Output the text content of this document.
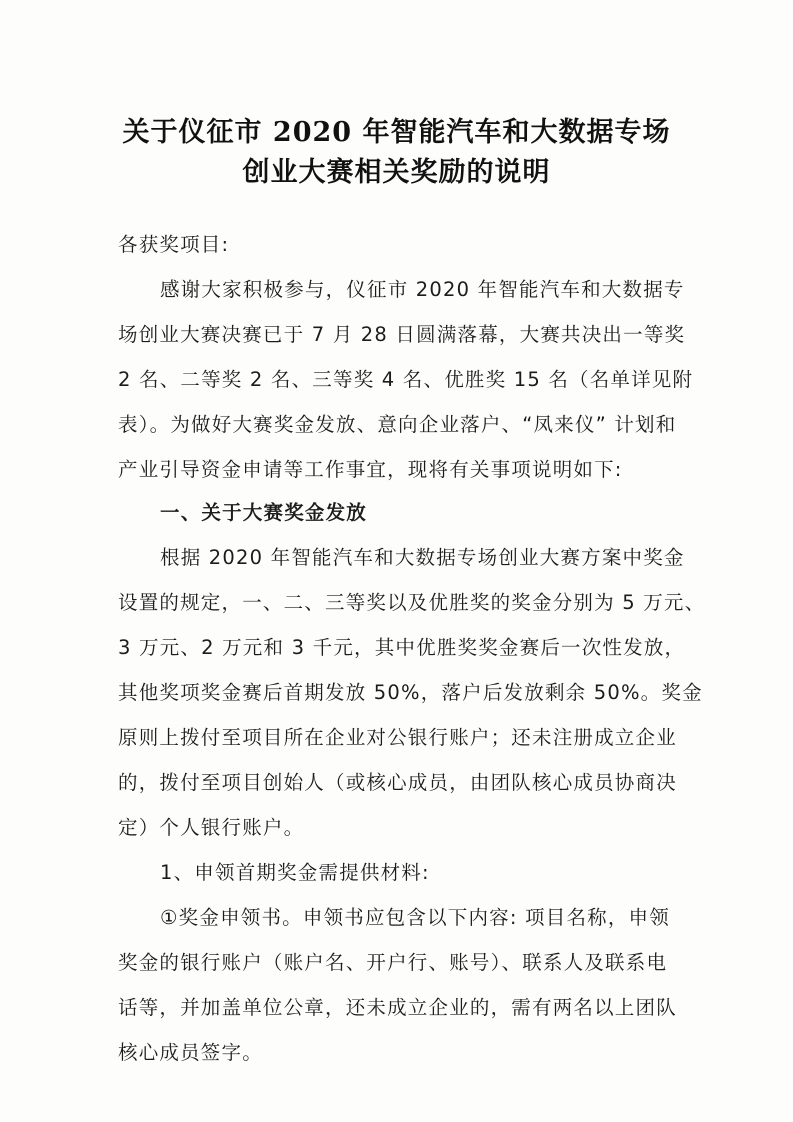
关于仪征市 2020 年智能汽车和大数据专场
创业大赛相关奖励的说明
各获奖项目:
感谢大家积极参与，仪征市 2020 年智能汽车和大数据专
场创业大赛决赛已于 7 月 28 日圆满落幕，大赛共决出一等奖
2 名、二等奖 2 名、三等奖 4 名、优胜奖 15 名（名单详见附
表）。为做好大赛奖金发放、意向企业落户、“凤来仪” 计划和
产业引导资金申请等工作事宜，现将有关事项说明如下:
一、关于大赛奖金发放
根据 2020 年智能汽车和大数据专场创业大赛方案中奖金
设置的规定，一、二、三等奖以及优胜奖的奖金分别为 5 万元、
3 万元、2 万元和 3 千元，其中优胜奖奖金赛后一次性发放，
其他奖项奖金赛后首期发放 50%，落户后发放剩余 50%。奖金
原则上拨付至项目所在企业对公银行账户；还未注册成立企业
的，拨付至项目创始人（或核心成员，由团队核心成员协商决
定）个人银行账户。
1、申领首期奖金需提供材料:
①奖金申领书。申领书应包含以下内容: 项目名称，申领
奖金的银行账户（账户名、开户行、账号）、联系人及联系电
话等，并加盖单位公章，还未成立企业的，需有两名以上团队
核心成员签字。
